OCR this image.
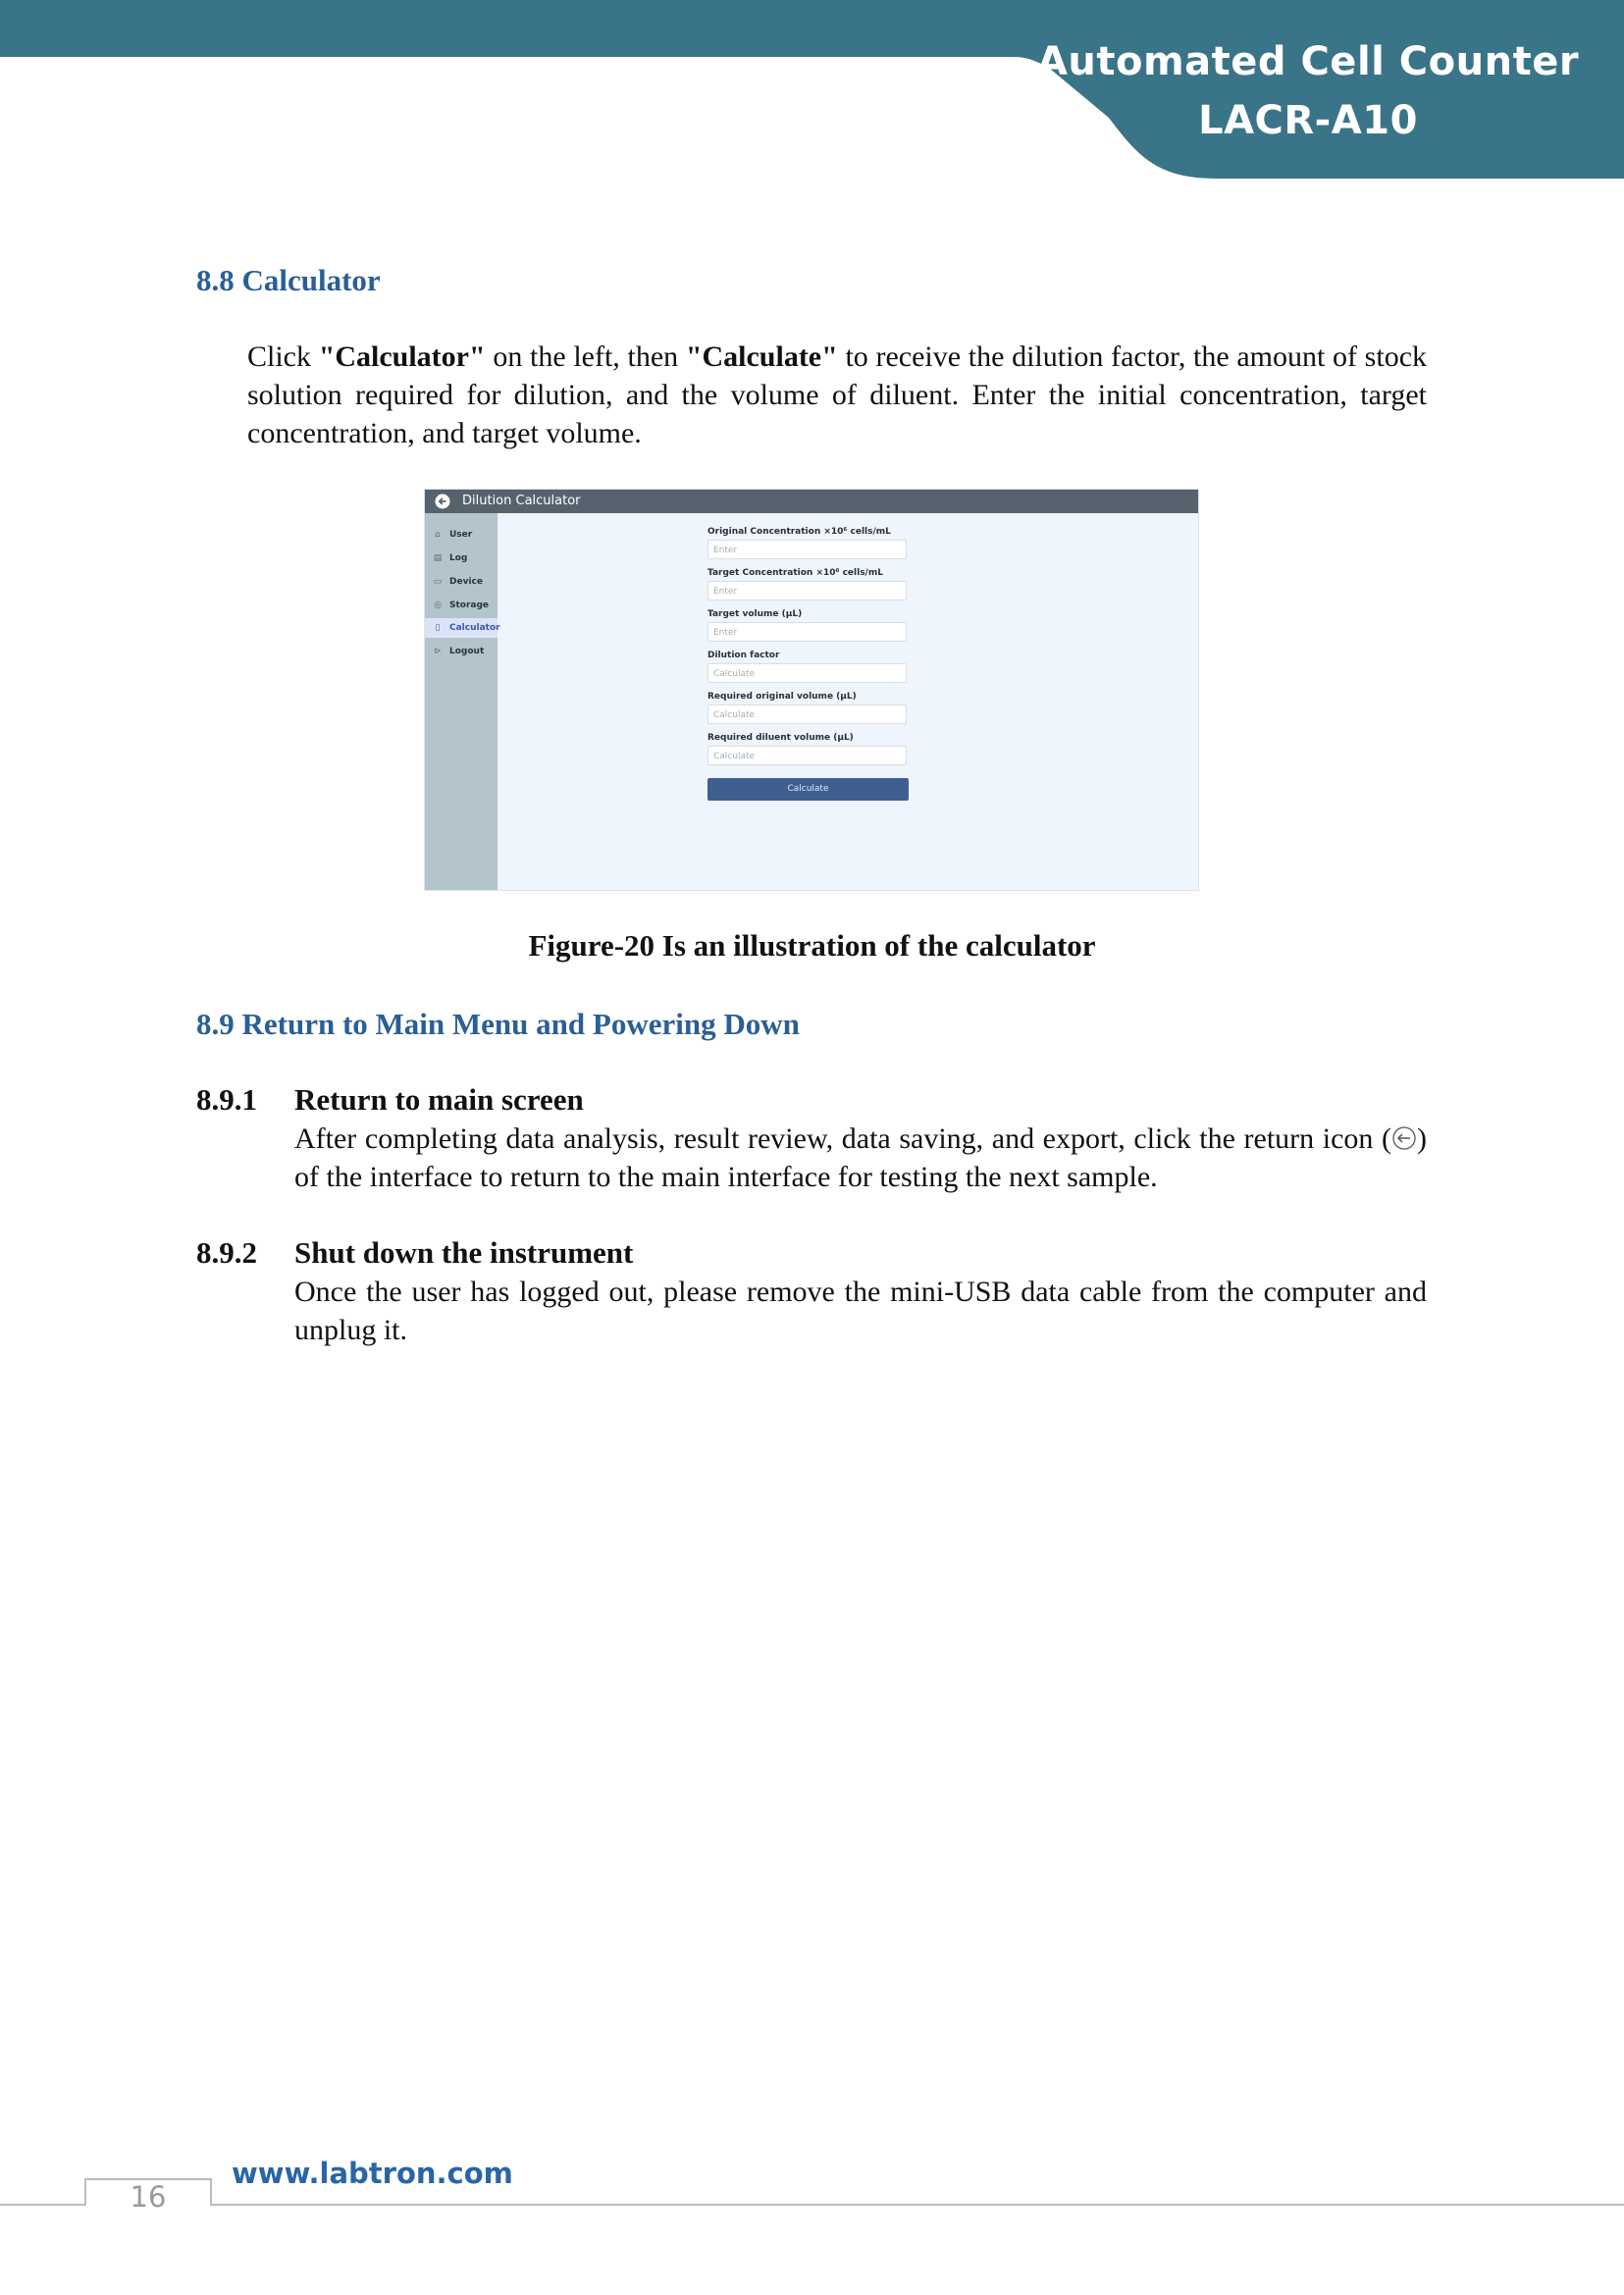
Automated Cell Counter
LACR-A10
8.8 Calculator
Click "Calculator" on the left, then "Calculate" to receive the dilution factor, the amount of stock solution required for dilution, and the volume of diluent. Enter the initial concentration, target concentration, and target volume.
Dilution Calculator
Calculate
⌂ User
▤ Log
▭ Device
◎ Storage
▯ Calculator
⊳ Logout
Original Concentration ×10⁶ cells/mL
Enter
Target Concentration ×10⁶ cells/mL
Enter
Target volume (µL)
Enter
Dilution factor
Calculate
Required original volume (µL)
Calculate
Required diluent volume (µL)
Calculate
Figure-20 Is an illustration of the calculator
8.9 Return to Main Menu and Powering Down
8.9.1 Return to main screen
After completing data analysis, result review, data saving, and export, click the return icon ( ) of the interface to return to the main interface for testing the next sample.
8.9.2 Shut down the instrument
Once the user has logged out, please remove the mini-USB data cable from the computer and unplug it.
16
www.labtron.com
